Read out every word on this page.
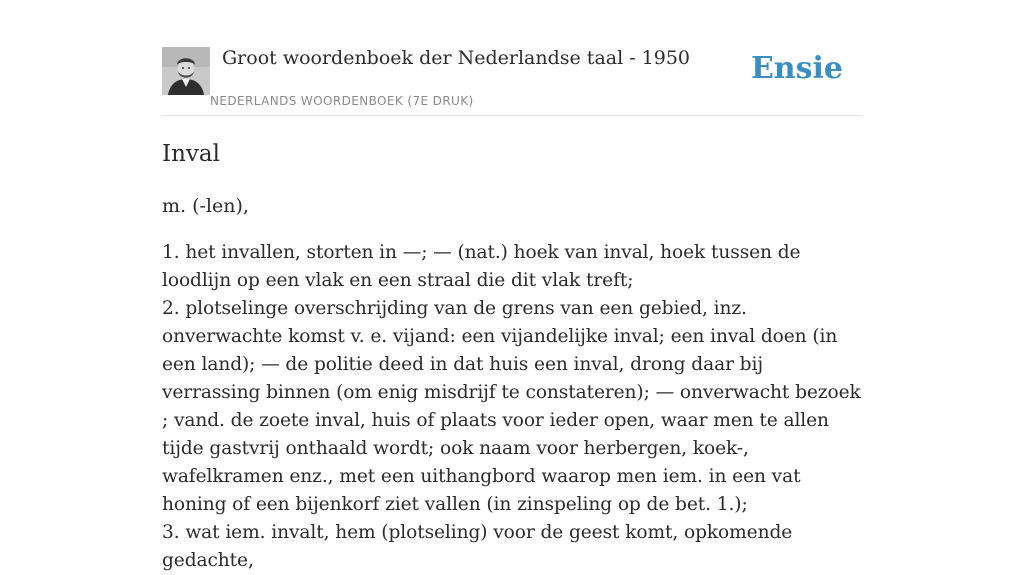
Groot woordenboek der Nederlandse taal - 1950
NEDERLANDS WOORDENBOEK (7E DRUK)
Ensie
Inval
m. (-len),
1. het invallen, storten in —; — (nat.) hoek van inval, hoek tussen de loodlijn op een vlak en een straal die dit vlak treft;
2. plotselinge overschrijding van de grens van een gebied, inz. onverwachte komst v. e. vijand: een vijandelijke inval; een inval doen (in een land); — de politie deed in dat huis een inval, drong daar bij verrassing binnen (om enig misdrijf te constateren); — onverwacht bezoek ; vand. de zoete inval, huis of plaats voor ieder open, waar men te allen tijde gastvrij onthaald wordt; ook naam voor herbergen, koek-, wafelkramen enz., met een uithangbord waarop men iem. in een vat honing of een bijenkorf ziet vallen (in zinspeling op de bet. 1.);
3. wat iem. invalt, hem (plotseling) voor de geest komt, opkomende gedachte,
